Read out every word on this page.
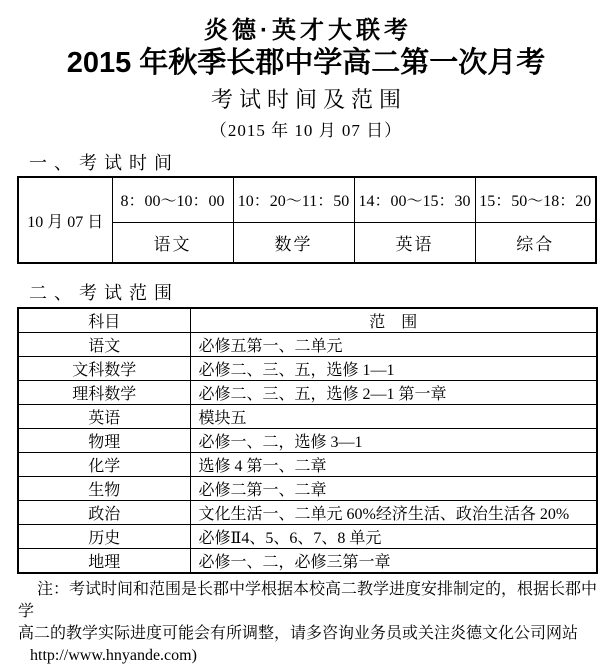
炎德·英才大联考
2015 年秋季长郡中学高二第一次月考
考试时间及范围
（2015 年 10 月 07 日）
一、考试时间
10 月 07 日	8：00～10：00	10：20～11：50	14：00～15：30	15：50～18：20
	语文	数学	英语	综合
二、考试范围
科目	范　围
语文	必修五第一、二单元
文科数学	必修二、三、五，选修 1—1
理科数学	必修二、三、五，选修 2—1 第一章
英语	模块五
物理	必修一、二，选修 3—1
化学	选修 4 第一、二章
生物	必修二第一、二章
政治	文化生活一、二单元 60%经济生活、政治生活各 20%
历史	必修Ⅱ4、5、6、7、8 单元
地理	必修一、二，必修三第一章
注：考试时间和范围是长郡中学根据本校高二教学进度安排制定的，根据长郡中学
高二的教学实际进度可能会有所调整，请多咨询业务员或关注炎德文化公司网站
http://www.hnyande.com)
